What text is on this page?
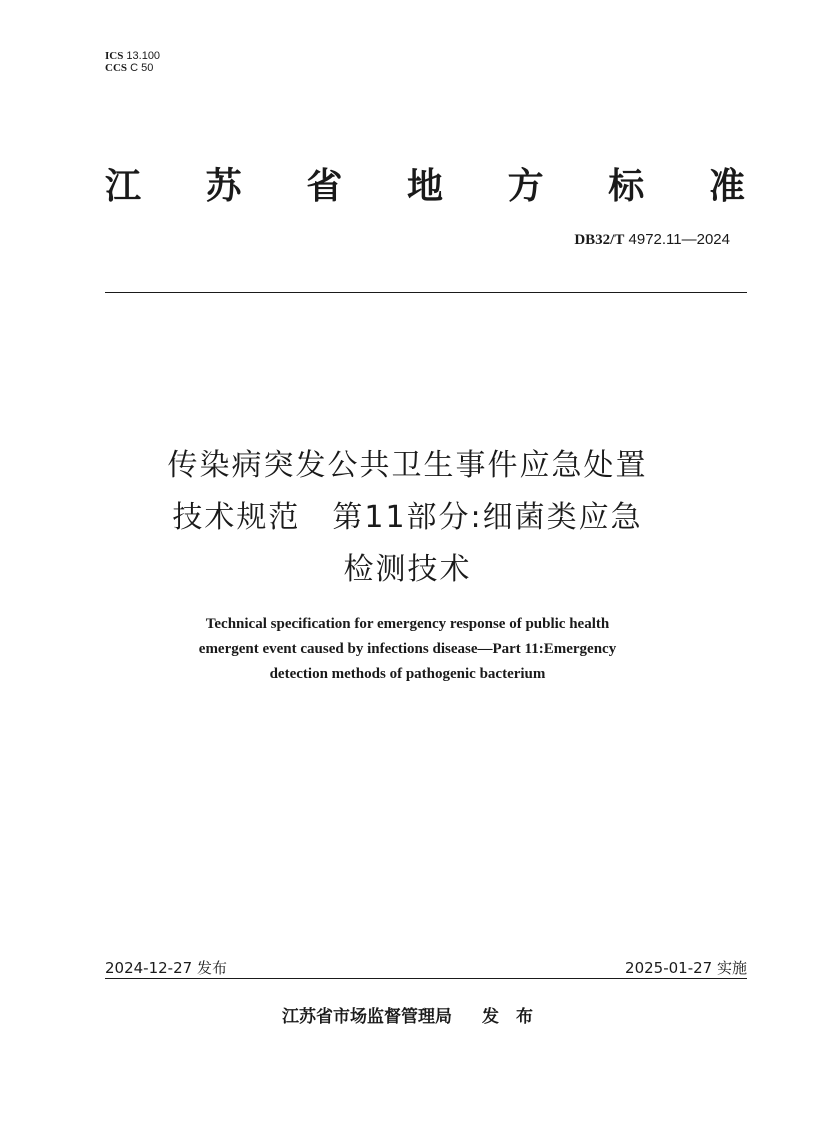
ICS 13.100
CCS C 50
江 苏 省 地 方 标 准
DB32/T 4972.11—2024
传染病突发公共卫生事件应急处置
技术规范　第11部分:细菌类应急
检测技术
Technical specification for emergency response of public health
emergent event caused by infections disease—Part 11:Emergency
detection methods of pathogenic bacterium
2024-12-27 发布	2025-01-27 实施
江苏省市场监督管理局 发　布
